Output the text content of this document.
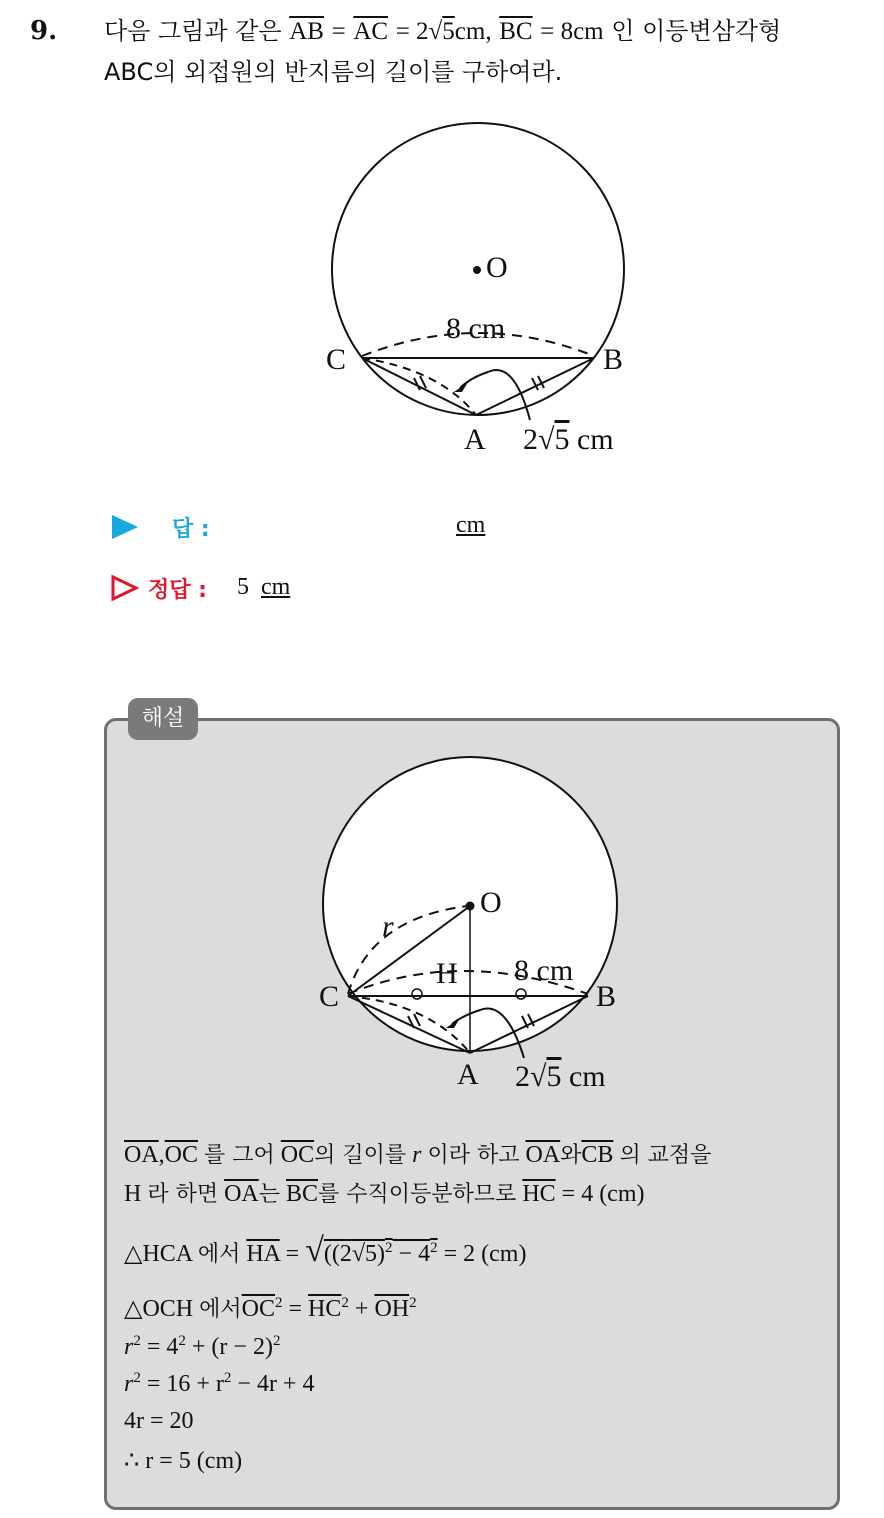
9. 다음 그림과 같은 $\overline{AB} = \overline{AC} = 2√5cm$, $\overline{BC} = 8cm$ 인 이등변삼각형
ABC의 외접원의 반지름의 길이를 구하여라.
O
C	B
A
8 cm
2√5 cm
답 :	cm
정답 : 5 cm
해설
O
r
H 8 cm
C	B
A 2√5 cm
$\overline{OA},\overline{OC}$ 를 그어 $\overline{OC}$의 길이를 r 이라 하고 $\overline{OA}$와$\overline{CB}$ 의 교점을
H 라 하면 $\overline{OA}$는 $\overline{BC}$를 수직이등분하므로 $\overline{HC} = 4$ (cm)
△HCA 에서 $\overline{HA} = √((2√5)^2 - 4^2 = 2$ (cm)
△OCH 에서$\overline{OC}^2 = \overline{HC}^2 + \overline{OH}^2$
$r^2 = 4^2 + (r - 2)^2$
$r^2 = 16 + r^2 - 4r + 4$
4r = 20
∴ r = 5 (cm)
